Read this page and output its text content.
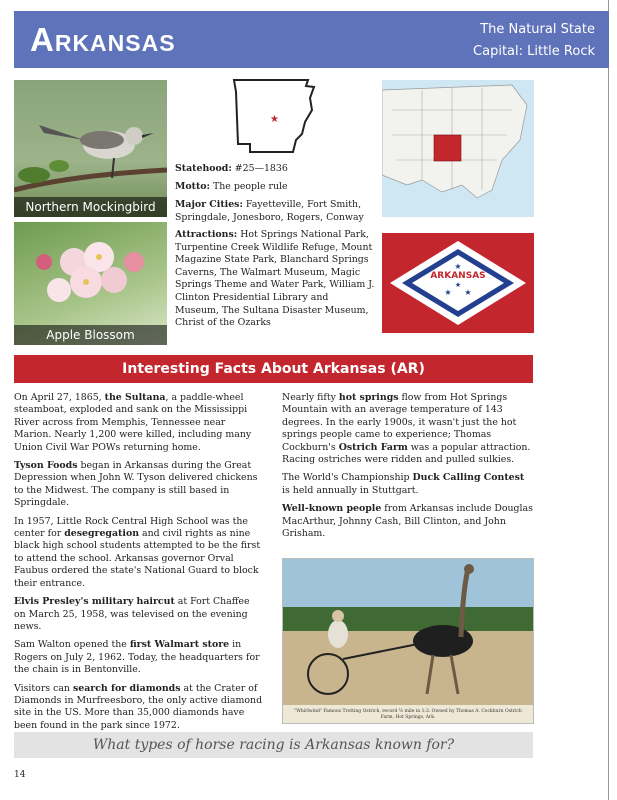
Arkansas	The Natural State
Capital: Little Rock
Northern Mockingbird
Apple Blossom
★
Statehood: #25—1836
Motto: The people rule
Major Cities: Fayetteville, Fort Smith, Springdale, Jonesboro, Rogers, Conway
Attractions: Hot Springs National Park, Turpentine Creek Wildlife Refuge, Mount Magazine State Park, Blanchard Springs Caverns, The Walmart Museum, Magic Springs Theme and Water Park, William J. Clinton Presidential Library and Museum, The Sultana Disaster Museum, Christ of the Ozarks
ARKANSAS
★
★ ★
★
Interesting Facts About Arkansas (AR)

On April 27, 1865, the Sultana, a paddle-wheel steamboat, exploded and sank on the Mississippi River across from Memphis, Tennessee near Marion. Nearly 1,200 were killed, including many Union Civil War POWs returning home.

Tyson Foods began in Arkansas during the Great Depression when John W. Tyson delivered chickens to the Midwest. The company is still based in Springdale.

In 1957, Little Rock Central High School was the center for desegregation and civil rights as nine black high school students attempted to be the first to attend the school. Arkansas governor Orval Faubus ordered the state's National Guard to block their entrance.

Elvis Presley's military haircut at Fort Chaffee on March 25, 1958, was televised on the evening news.

Sam Walton opened the first Walmart store in Rogers on July 2, 1962. Today, the headquarters for the chain is in Bentonville.

Visitors can search for diamonds at the Crater of Diamonds in Murfreesboro, the only active diamond site in the US. More than 35,000 diamonds have been found in the park since 1972.

Nearly fifty hot springs flow from Hot Springs Mountain with an average temperature of 143 degrees. In the early 1900s, it wasn't just the hot springs people came to experience; Thomas Cockburn's Ostrich Farm was a popular attraction. Racing ostriches were ridden and pulled sulkies.

The World's Championship Duck Calling Contest is held annually in Stuttgart.

Well-known people from Arkansas include Douglas MacArthur, Johnny Cash, Bill Clinton, and John Grisham.

"Whirlwind" Famous Trotting Ostrich, record ½ mile in 1:3. Owned by Thomas A. Cockburn Ostrich Farm, Hot Springs, Ark.
What types of horse racing is Arkansas known for?
14
